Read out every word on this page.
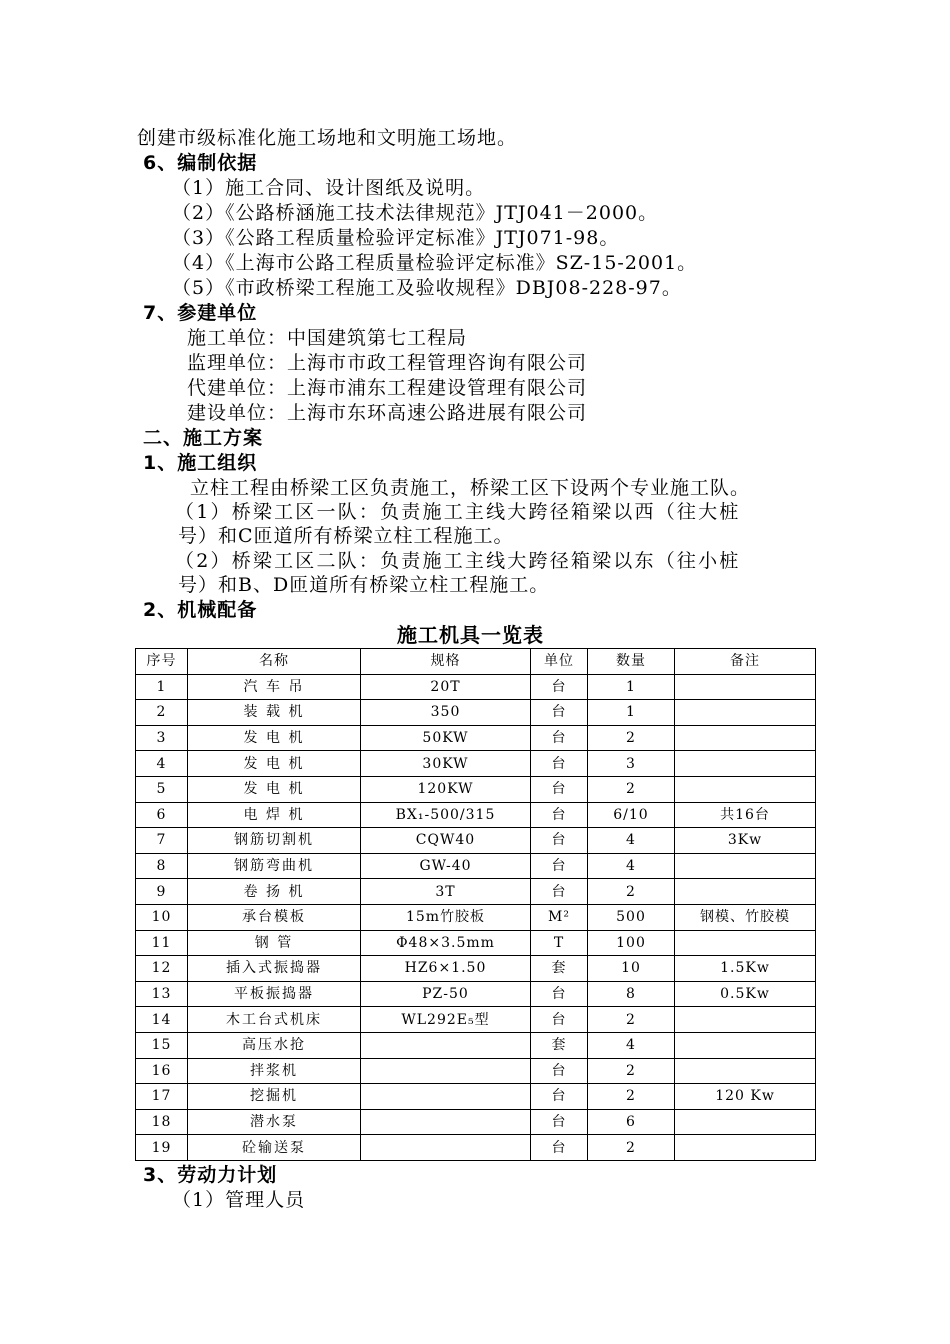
创建市级标准化施工场地和文明施工场地。
6、编制依据
（1）施工合同、设计图纸及说明。
（2）《公路桥涵施工技术法律规范》JTJ041－2000。
（3）《公路工程质量检验评定标准》JTJ071-98。
（4）《上海市公路工程质量检验评定标准》SZ-15-2001。
（5）《市政桥梁工程施工及验收规程》DBJ08-228-97。
7、参建单位
施工单位：中国建筑第七工程局
监理单位：上海市市政工程管理咨询有限公司
代建单位：上海市浦东工程建设管理有限公司
建设单位：上海市东环高速公路进展有限公司
二、施工方案
1、施工组织
立柱工程由桥梁工区负责施工，桥梁工区下设两个专业施工队。
（1）桥梁工区一队：负责施工主线大跨径箱梁以西（往大桩
号）和C匝道所有桥梁立柱工程施工。
（2）桥梁工区二队：负责施工主线大跨径箱梁以东（往小桩
号）和B、D匝道所有桥梁立柱工程施工。
2、机械配备
施工机具一览表
序号	名称	规格	单位	数量	备注
1	汽 车 吊	20T	台	1	
2	装 载 机	350	台	1	
3	发 电 机	50KW	台	2	
4	发 电 机	30KW	台	3	
5	发 电 机	120KW	台	2	
6	电 焊 机	BX₁-500/315	台	6/10	共16台
7	钢筋切割机	CQW40	台	4	3Kw
8	钢筋弯曲机	GW-40	台	4	
9	卷 扬 机	3T	台	2	
10	承台模板	15m竹胶板	M²	500	钢模、竹胶模
11	钢 管	Φ48×3.5mm	T	100	
12	插入式振捣器	HZ6×1.50	套	10	1.5Kw
13	平板振捣器	PZ-50	台	8	0.5Kw
14	木工台式机床	WL292E₅型	台	2	
15	高压水抢		套	4	
16	拌浆机		台	2	
17	挖掘机		台	2	120 Kw
18	潜水泵		台	6	
19	砼输送泵		台	2	
3、劳动力计划
（1）管理人员
